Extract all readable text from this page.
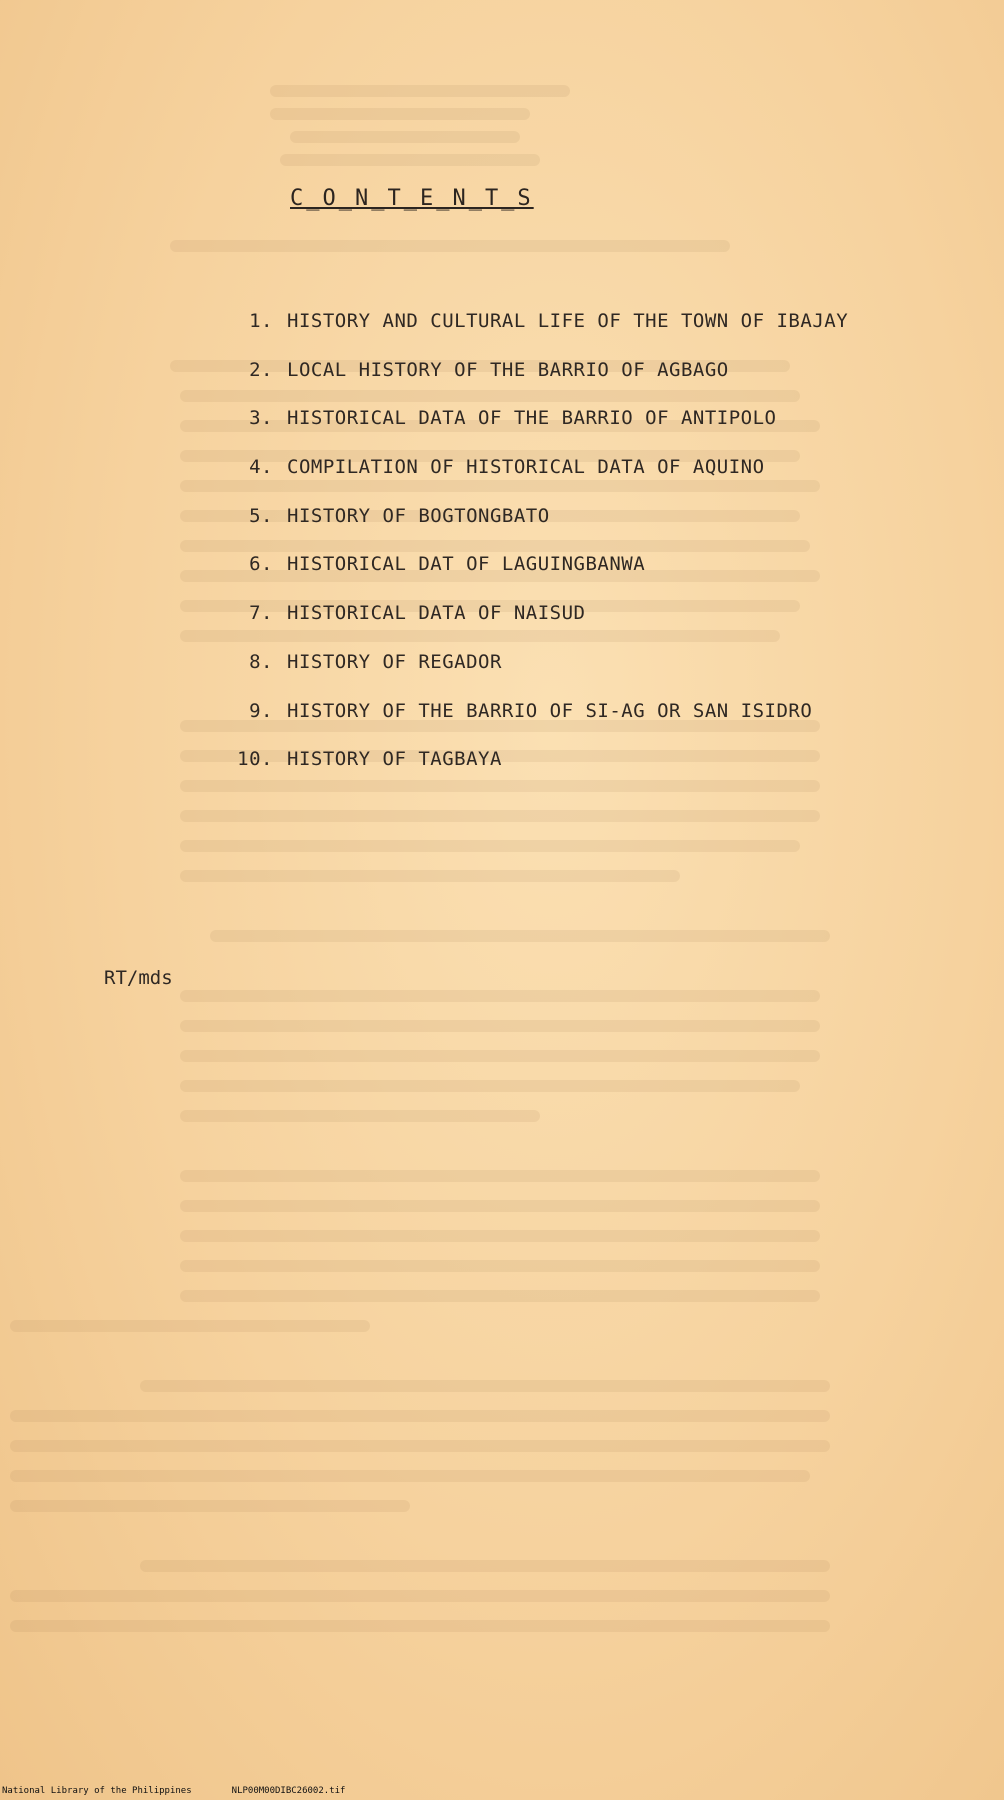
C_O_N_T_E_N_T_S
1. HISTORY AND CULTURAL LIFE OF THE TOWN OF IBAJAY
2. LOCAL HISTORY OF THE BARRIO OF AGBAGO
3. HISTORICAL DATA OF THE BARRIO OF ANTIPOLO
4. COMPILATION OF HISTORICAL DATA OF AQUINO
5. HISTORY OF BOGTONGBATO
6. HISTORICAL DAT OF LAGUINGBANWA
7. HISTORICAL DATA OF NAISUD
8. HISTORY OF REGADOR
9. HISTORY OF THE BARRIO OF SI-AG OR SAN ISIDRO
10. HISTORY OF TAGBAYA
RT/mds
National Library of the Philippines	NLP00M00DIBC26002.tif
